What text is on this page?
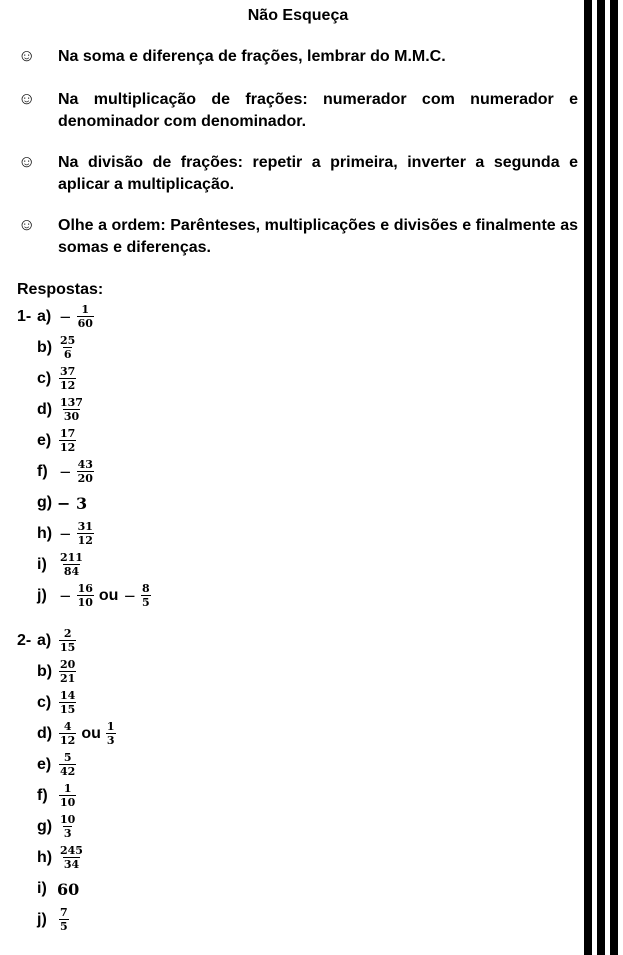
Não Esqueça
☺ Na soma e diferença de frações, lembrar do M.M.C.
☺ Na multiplicação de frações: numerador com numerador e denominador com denominador.
☺ Na divisão de frações: repetir a primeira, inverter a segunda e aplicar a multiplicação.
☺ Olhe a ordem: Parênteses, multiplicações e divisões e finalmente as somas e diferenças.
Respostas:
1- $a) - \frac{1}{60}$
$b) \frac{25}{6}$
$c) \frac{37}{12}$
$d) \frac{137}{30}$
$e) \frac{17}{12}$
$f) - \frac{43}{20}$
g) − 3
$h) - \frac{31}{12}$
i)	$\frac{211}{84}$
$j) - \frac{16}{10}$ ou − $\frac{8}{5}$
2- $a) \frac{2}{15}$
$b) \frac{20}{21}$
$c) \frac{14}{15}$
$d) \frac{4}{12}$ ou $\frac{1}{3}$
$e) \frac{5}{42}$
f)	$\frac{1}{10}$
$g) \frac{10}{3}$
$h) \frac{245}{34}$
i) 60
j)	$\frac{7}{5}$
